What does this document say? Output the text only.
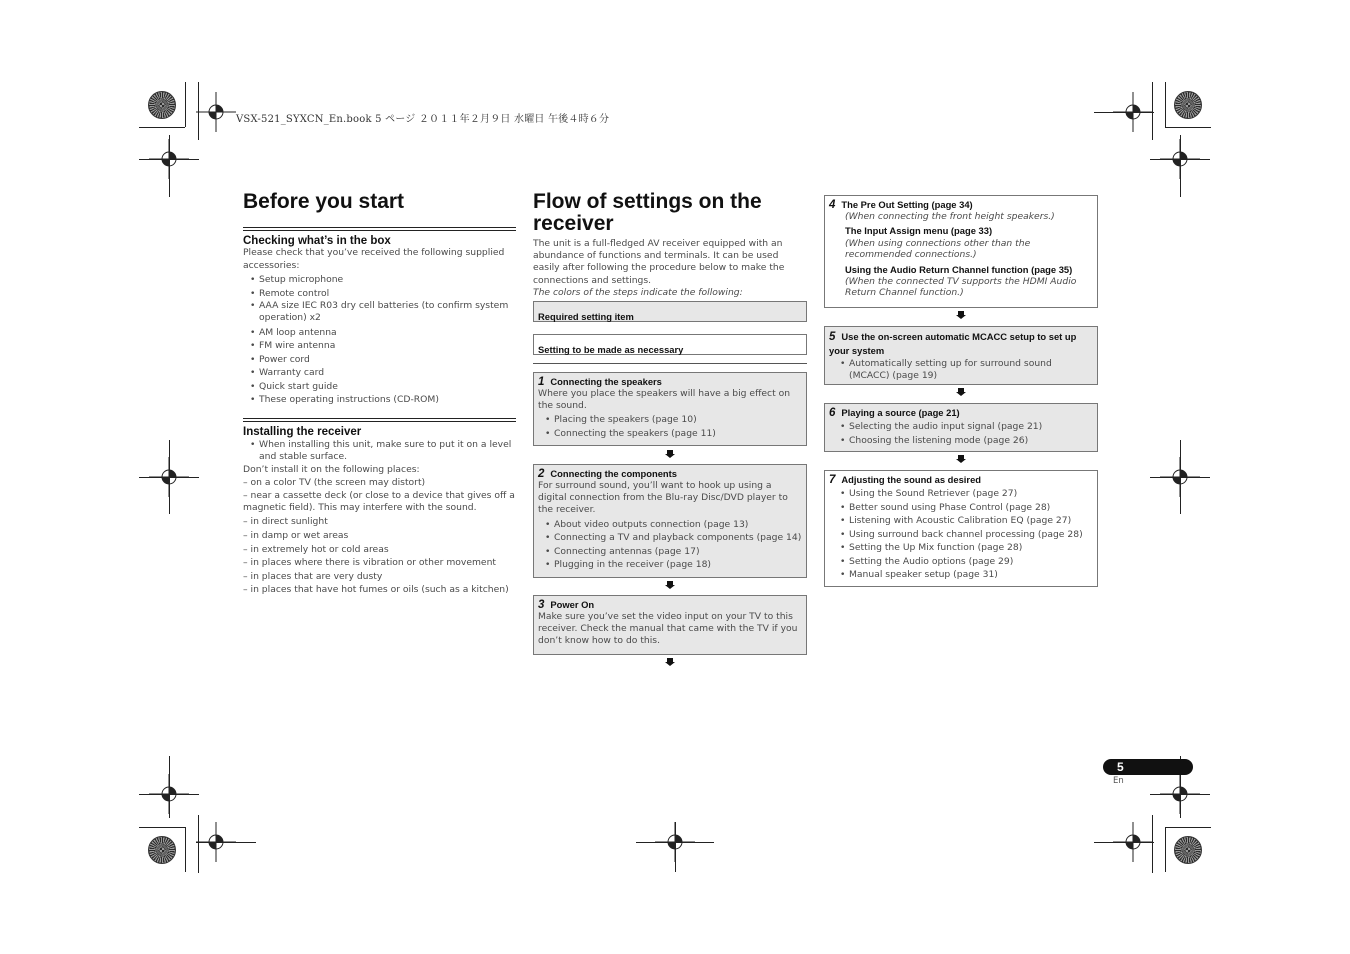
VSX-521_SYXCN_En.book 5 ページ ２０１１年２月９日 水曜日 午後４時６分
Before you start
Checking what’s in the box

Please check that you’ve received the following supplied accessories:

• Setup microphone
• Remote control
• AAA size IEC R03 dry cell batteries (to confirm system operation) x2
• AM loop antenna
• FM wire antenna
• Power cord
• Warranty card
• Quick start guide
• These operating instructions (CD-ROM)
Installing the receiver
• When installing this unit, make sure to put it on a level and stable surface.
Don’t install it on the following places:
– on a color TV (the screen may distort)
– near a cassette deck (or close to a device that gives off a magnetic field). This may interfere with the sound.
– in direct sunlight
– in damp or wet areas
– in extremely hot or cold areas
– in places where there is vibration or other movement
– in places that are very dusty
– in places that have hot fumes or oils (such as a kitchen)
Flow of settings on the
receiver

The unit is a full-fledged AV receiver equipped with an abundance of functions and terminals. It can be used easily after following the procedure below to make the connections and settings.

The colors of the steps indicate the following:
Required setting item
Setting to be made as necessary
1 Connecting the speakers
Where you place the speakers will have a big effect on the sound.
• Placing the speakers (page 10)
• Connecting the speakers (page 11)
2 Connecting the components
For surround sound, you’ll want to hook up using a digital connection from the Blu-ray Disc/DVD player to the receiver.
• About video outputs connection (page 13)
• Connecting a TV and playback components (page 14)
• Connecting antennas (page 17)
• Plugging in the receiver (page 18)
3 Power On
Make sure you’ve set the video input on your TV to this receiver. Check the manual that came with the TV if you don’t know how to do this.
4 The Pre Out Setting (page 34)
(When connecting the front height speakers.)
The Input Assign menu (page 33)
(When using connections other than the recommended connections.)
Using the Audio Return Channel function (page 35)
(When the connected TV supports the HDMI Audio Return Channel function.)
5 Use the on-screen automatic MCACC setup to set up your system
• Automatically setting up for surround sound (MCACC) (page 19)
6 Playing a source (page 21)
• Selecting the audio input signal (page 21)
• Choosing the listening mode (page 26)
7 Adjusting the sound as desired
• Using the Sound Retriever (page 27)
• Better sound using Phase Control (page 28)
• Listening with Acoustic Calibration EQ (page 27)
• Using surround back channel processing (page 28)
• Setting the Up Mix function (page 28)
• Setting the Audio options (page 29)
• Manual speaker setup (page 31)
5
En
